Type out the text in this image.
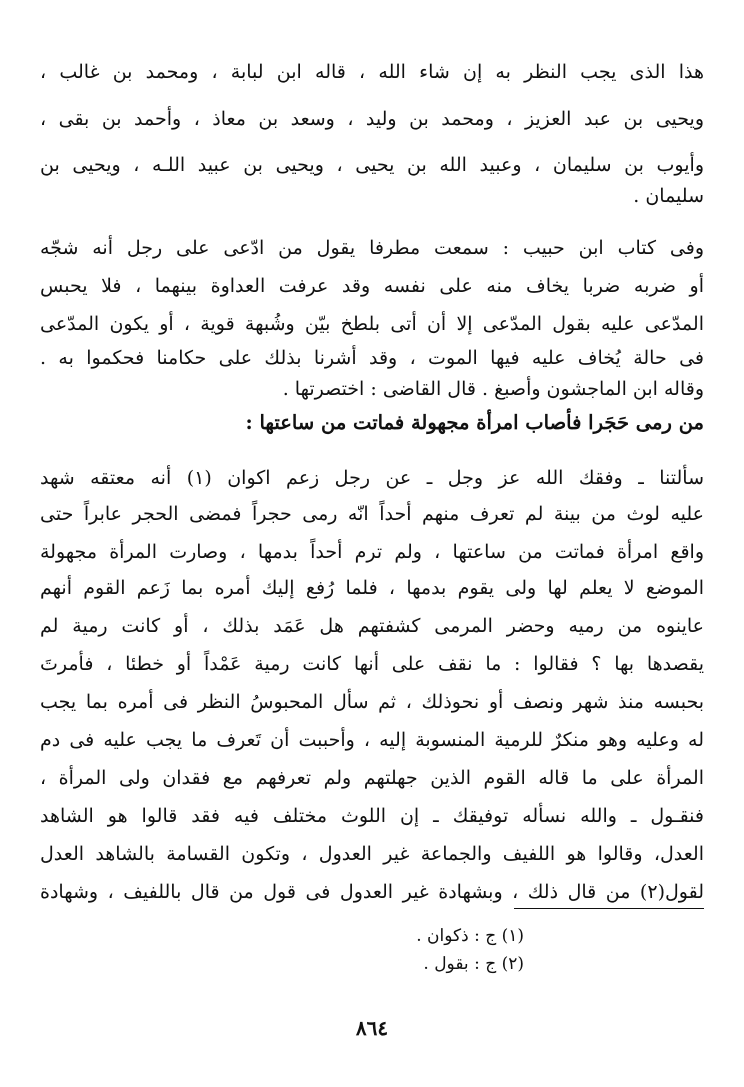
هذا الذى يجب النظر به إن شاء الله ، قاله ابن لبابة ، ومحمد بن غالب ،
ويحيى بن عبد العزيز ، ومحمد بن وليد ، وسعد بن معاذ ، وأحمد بن بقى ،
وأيوب بن سليمان ، وعبيد الله بن يحيى ، ويحيى بن عبيد اللـه ، ويحيى بن
سليمان .
وفى كتاب ابن حبيب : سمعت مطرفا يقول من ادّعى على رجل أنه شجّه
أو ضربه ضربا يخاف منه على نفسه وقد عرفت العداوة بينهما ، فلا يحبس
المدّعى عليه بقول المدّعى إلا أن أتى بلطخ بيّن وشُبهة قوية ، أو يكون المدّعى
فى حالة يُخاف عليه فيها الموت ، وقد أشرنا بذلك على حكامنا فحكموا به .
وقاله ابن الماجشون وأصبغ . قال القاضى : اختصرتها .
من رمى حَجَرا فأصاب امرأة مجهولة فماتت من ساعتها :
سألتنا ـ وفقك الله عز وجل ـ عن رجل زعم اكوان (١) أنه معتقه شهد
عليه لوث من بينة لم تعرف منهم أحداً انّه رمى حجراً فمضى الحجر عابراً حتى
واقع امرأة فماتت من ساعتها ، ولم ترم أحداً بدمها ، وصارت المرأة مجهولة
الموضع لا يعلم لها ولى يقوم بدمها ، فلما رُفع إليك أمره بما زَعم القوم أنهم
عاينوه من رميه وحضر المرمى كشفتهم هل عَمَد بذلك ، أو كانت رمية لم
يقصدها بها ؟ فقالوا : ما نقف على أنها كانت رمية عَمْداً أو خطئا ، فأمرتَ
بحبسه منذ شهر ونصف أو نحوذلك ، ثم سأل المحبوسُ النظر فى أمره بما يجب
له وعليه وهو منكرٌ للرمية المنسوبة إليه ، وأحببت أن تَعرف ما يجب عليه فى دم
المرأة على ما قاله القوم الذين جهلتهم ولم تعرفهم مع فقدان ولى المرأة ،
فنقـول ـ والله نسأله توفيقك ـ إن اللوث مختلف فيه فقد قالوا هو الشاهد
العدل، وقالوا هو اللفيف والجماعة غير العدول ، وتكون القسامة بالشاهد العدل
لقول(٢) من قال ذلك ، وبشهادة غير العدول فى قول من قال باللفيف ، وشهادة
(١) ج : ذكوان .
(٢) ج : بقول .
٨٦٤
